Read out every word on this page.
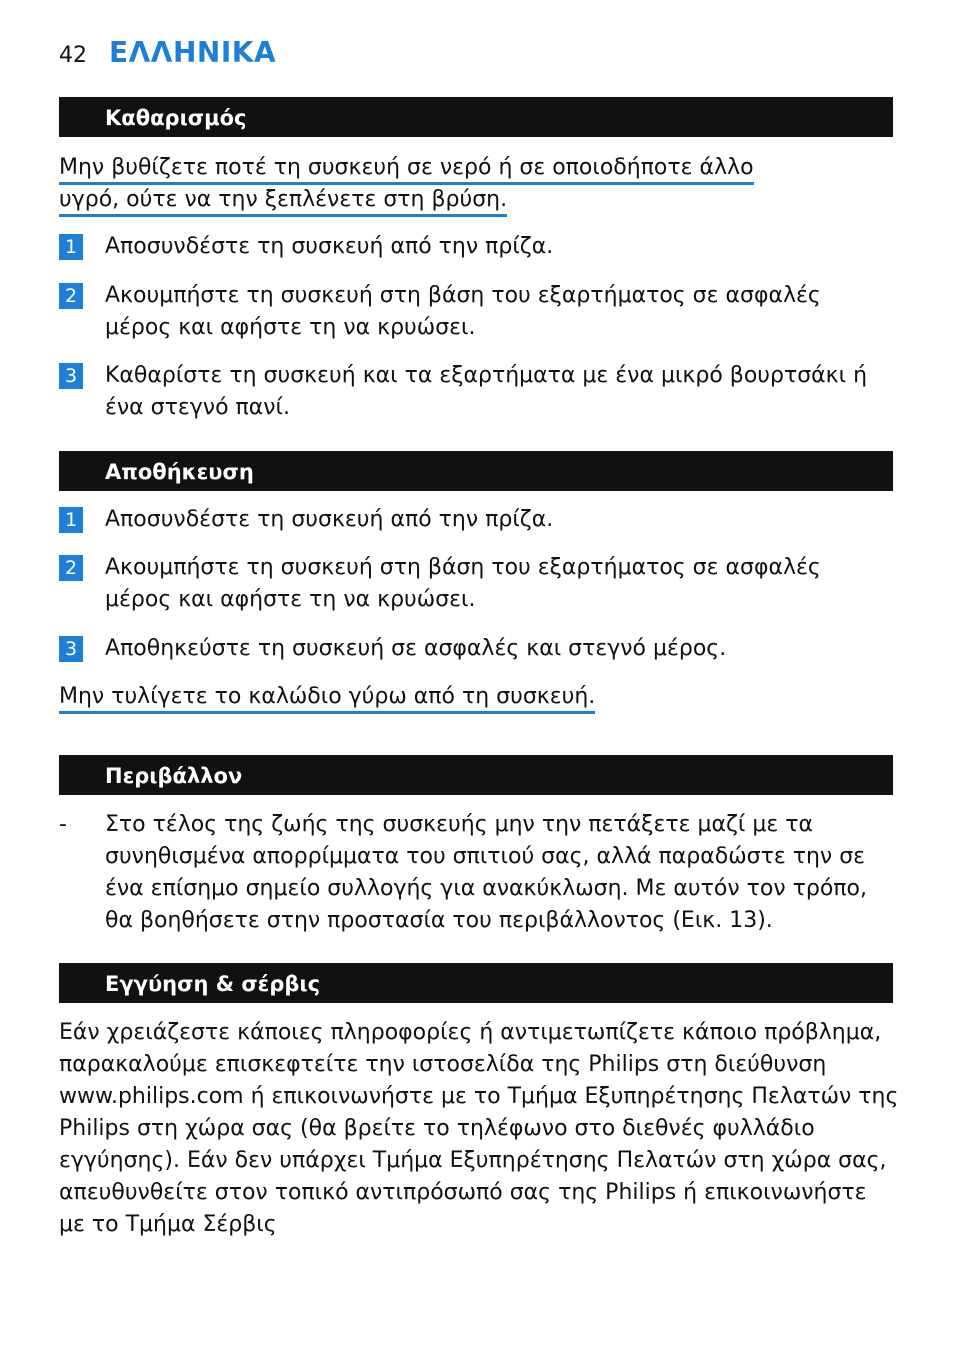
42 ΕΛΛΗΝΙΚΑ
Καθαρισμός
Μην βυθίζετε ποτέ τη συσκευή σε νερό ή σε οποιοδήποτε άλλο
υγρό, ούτε να την ξεπλένετε στη βρύση.
1 Αποσυνδέστε τη συσκευή από την πρίζα.
2 Ακουμπήστε τη συσκευή στη βάση του εξαρτήματος σε ασφαλές μέρος και αφήστε τη να κρυώσει.
3 Καθαρίστε τη συσκευή και τα εξαρτήματα με ένα μικρό βουρτσάκι ή ένα στεγνό πανί.
Αποθήκευση
1 Αποσυνδέστε τη συσκευή από την πρίζα.
2 Ακουμπήστε τη συσκευή στη βάση του εξαρτήματος σε ασφαλές μέρος και αφήστε τη να κρυώσει.
3 Αποθηκεύστε τη συσκευή σε ασφαλές και στεγνό μέρος.
Μην τυλίγετε το καλώδιο γύρω από τη συσκευή.
Περιβάλλον
-	Στο τέλος της ζωής της συσκευής μην την πετάξετε μαζί με τα συνηθισμένα απορρίμματα του σπιτιού σας, αλλά παραδώστε την σε ένα επίσημο σημείο συλλογής για ανακύκλωση. Με αυτόν τον τρόπο, θα βοηθήσετε στην προστασία του περιβάλλοντος (Εικ. 13).
Εγγύηση & σέρβις
Εάν χρειάζεστε κάποιες πληροφορίες ή αντιμετωπίζετε κάποιο πρόβλημα, παρακαλούμε επισκεφτείτε την ιστοσελίδα της Philips στη διεύθυνση www.philips.com ή επικοινωνήστε με το Τμήμα Εξυπηρέτησης Πελατών της Philips στη χώρα σας (θα βρείτε το τηλέφωνο στο διεθνές φυλλάδιο εγγύησης). Εάν δεν υπάρχει Τμήμα Εξυπηρέτησης Πελατών στη χώρα σας, απευθυνθείτε στον τοπικό αντιπρόσωπό σας της Philips ή επικοινωνήστε με το Τμήμα Σέρβις
